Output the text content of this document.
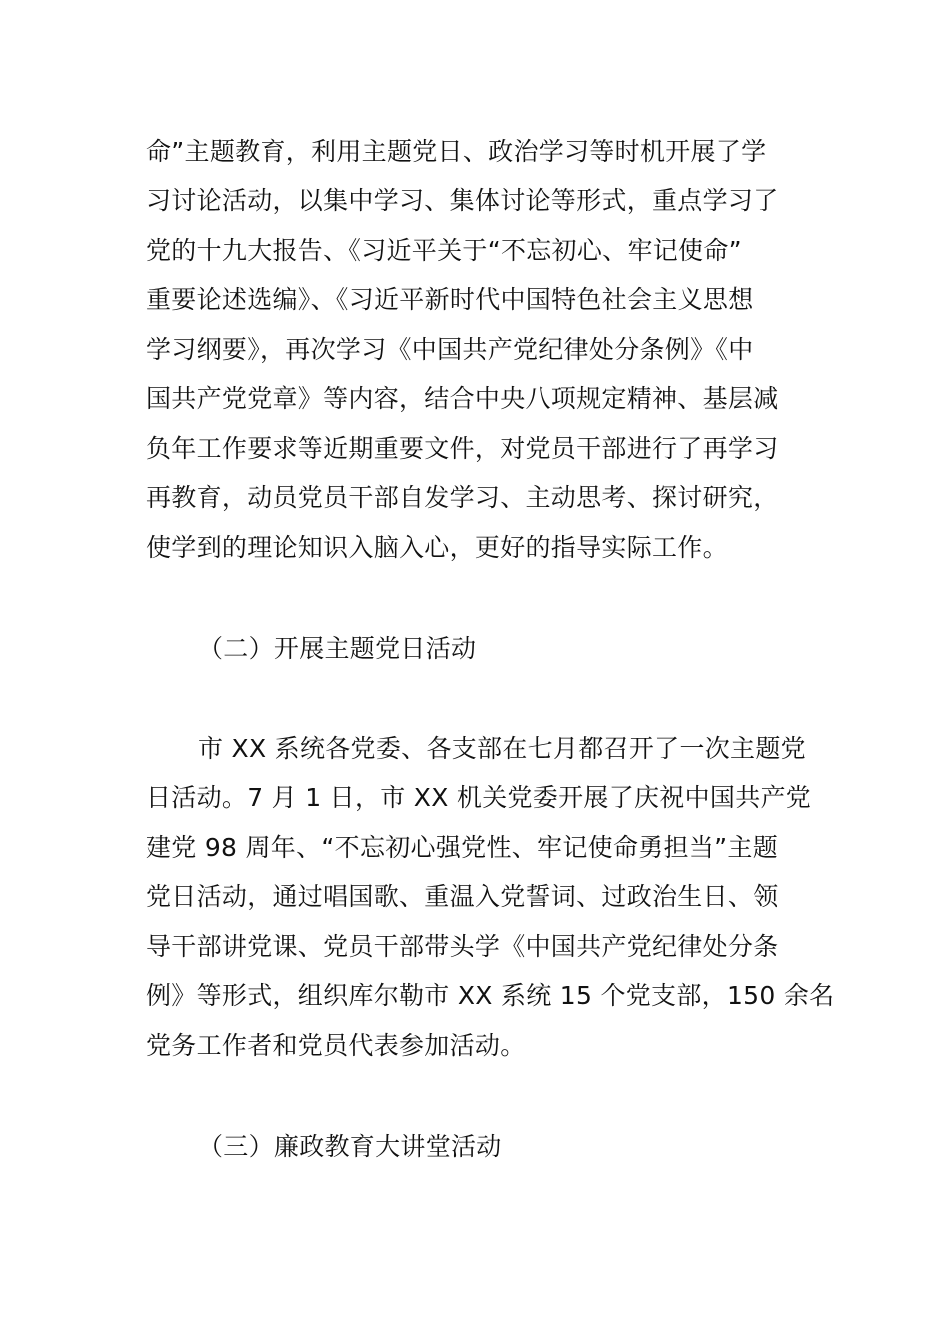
命”主题教育，利用主题党日、政治学习等时机开展了学
习讨论活动，以集中学习、集体讨论等形式，重点学习了
党的十九大报告、《习近平关于“不忘初心、牢记使命”
重要论述选编》、《习近平新时代中国特色社会主义思想
学习纲要》，再次学习《中国共产党纪律处分条例》《中
国共产党党章》等内容，结合中央八项规定精神、基层减
负年工作要求等近期重要文件，对党员干部进行了再学习
再教育，动员党员干部自发学习、主动思考、探讨研究，
使学到的理论知识入脑入心，更好的指导实际工作。
（二）开展主题党日活动
市 XX 系统各党委、各支部在七月都召开了一次主题党
日活动。7 月 1 日，市 XX 机关党委开展了庆祝中国共产党
建党 98 周年、“不忘初心强党性、牢记使命勇担当”主题
党日活动，通过唱国歌、重温入党誓词、过政治生日、领
导干部讲党课、党员干部带头学《中国共产党纪律处分条
例》等形式，组织库尔勒市 XX 系统 15 个党支部，150 余名
党务工作者和党员代表参加活动。
（三）廉政教育大讲堂活动
